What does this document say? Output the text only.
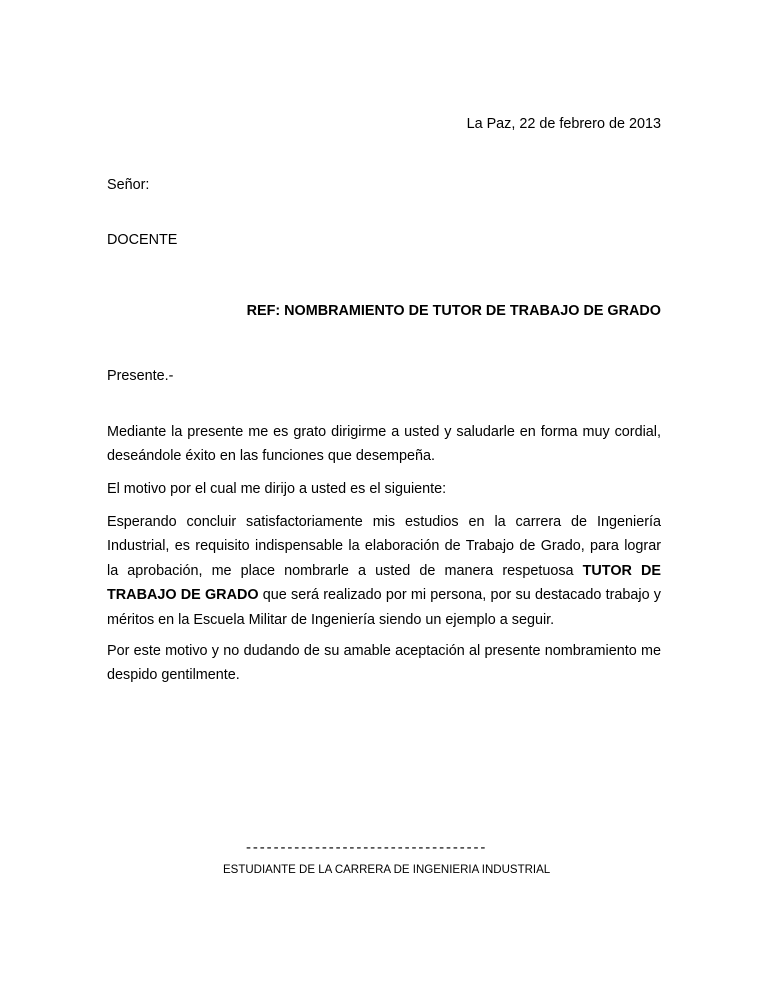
La Paz, 22 de febrero de 2013
Señor:
DOCENTE
REF: NOMBRAMIENTO DE TUTOR DE TRABAJO DE GRADO
Presente.-
Mediante la presente me es grato dirigirme a usted y saludarle en forma muy cordial, deseándole éxito en las funciones que desempeña.
El motivo por el cual me dirijo a usted es el siguiente:
Esperando concluir satisfactoriamente mis estudios en la carrera de Ingeniería Industrial, es requisito indispensable la elaboración de Trabajo de Grado, para lograr la aprobación, me place nombrarle a usted de manera respetuosa TUTOR DE TRABAJO DE GRADO que será realizado por mi persona, por su destacado trabajo y méritos en la Escuela Militar de Ingeniería siendo un ejemplo a seguir.
Por este motivo y no dudando de su amable aceptación al presente nombramiento me despido gentilmente.
-----------------------------------
ESTUDIANTE DE LA CARRERA DE INGENIERIA INDUSTRIAL
